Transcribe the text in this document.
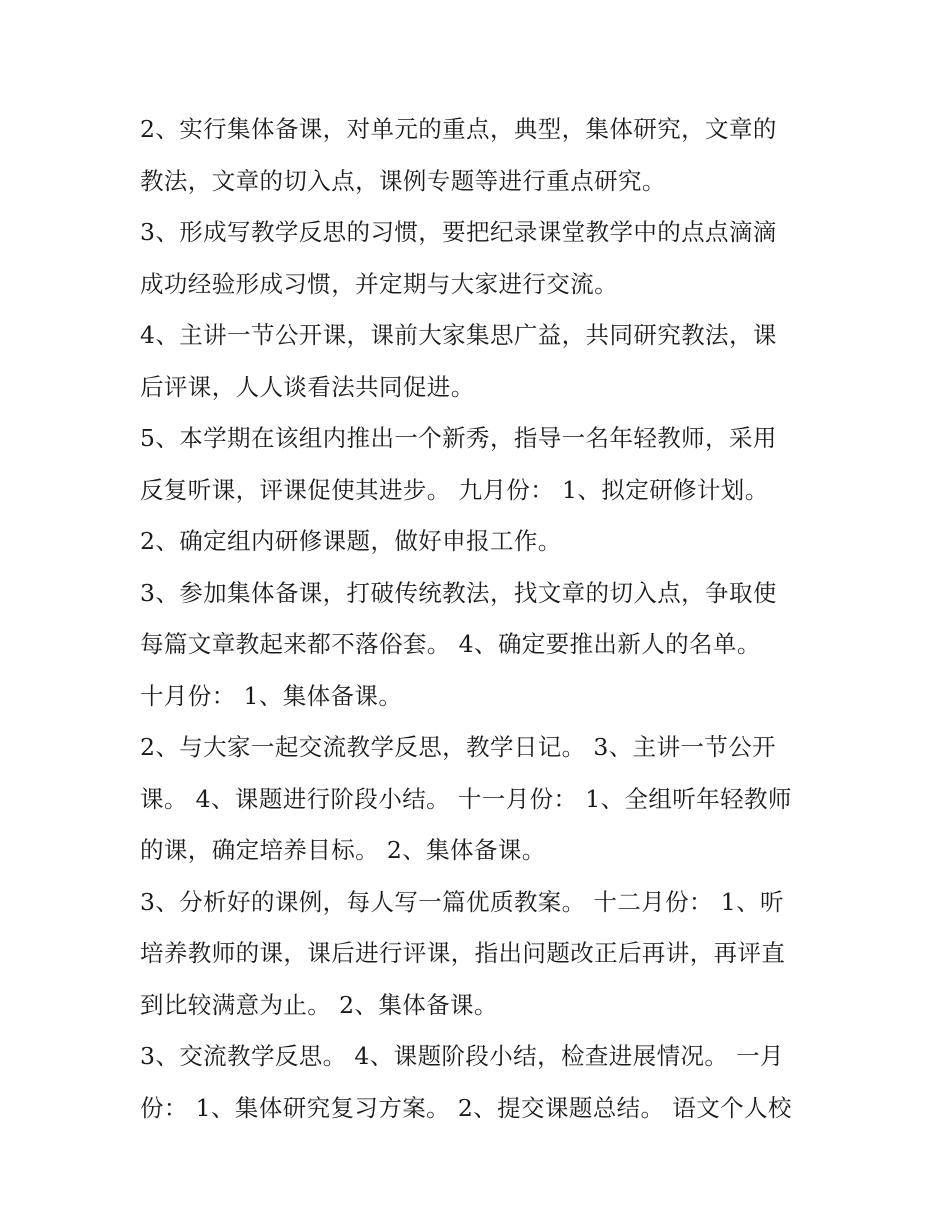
2、实行集体备课，对单元的重点，典型，集体研究，文章的
教法，文章的切入点，课例专题等进行重点研究。
3、形成写教学反思的习惯，要把纪录课堂教学中的点点滴滴
成功经验形成习惯，并定期与大家进行交流。
4、主讲一节公开课，课前大家集思广益，共同研究教法，课
后评课，人人谈看法共同促进。
5、本学期在该组内推出一个新秀，指导一名年轻教师，采用
反复听课，评课促使其进步。 九月份： 1、拟定研修计划。
2、确定组内研修课题，做好申报工作。
3、参加集体备课，打破传统教法，找文章的切入点，争取使
每篇文章教起来都不落俗套。 4、确定要推出新人的名单。
十月份： 1、集体备课。
2、与大家一起交流教学反思，教学日记。 3、主讲一节公开
课。 4、课题进行阶段小结。 十一月份： 1、全组听年轻教师
的课，确定培养目标。 2、集体备课。
3、分析好的课例，每人写一篇优质教案。 十二月份： 1、听
培养教师的课，课后进行评课，指出问题改正后再讲，再评直
到比较满意为止。 2、集体备课。
3、交流教学反思。 4、课题阶段小结，检查进展情况。 一月
份： 1、集体研究复习方案。 2、提交课题总结。 语文个人校
